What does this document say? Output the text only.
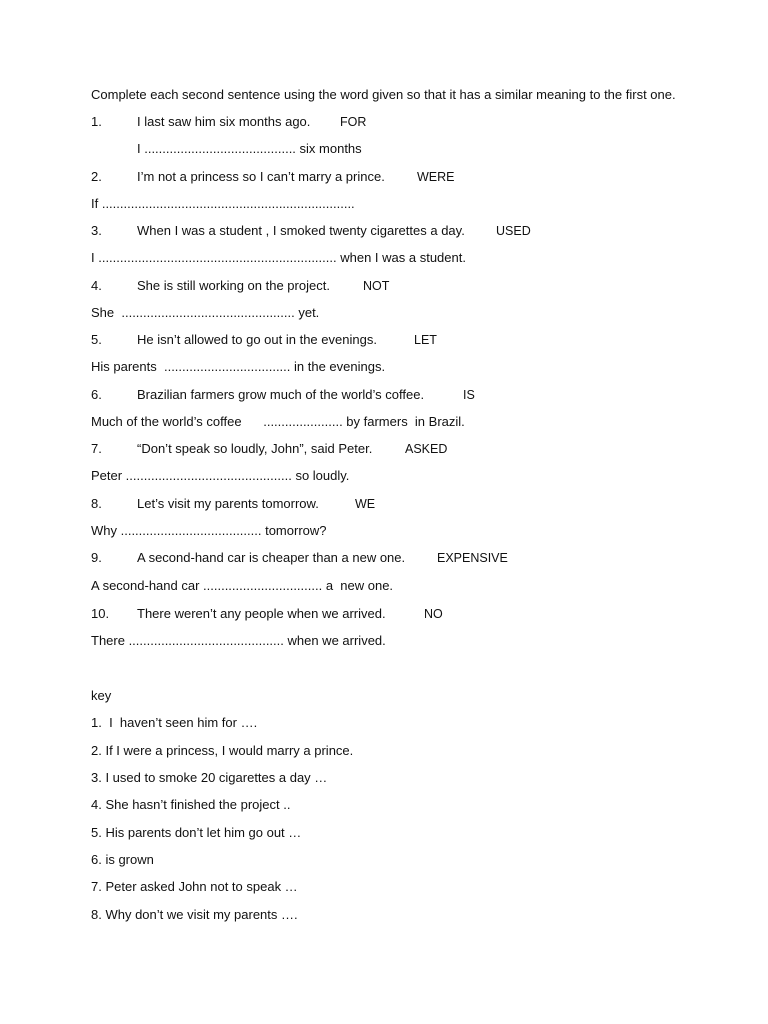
Complete each second sentence using the word given so that it has a similar meaning to the first one.
1.	I last saw him six months ago. FOR
I .......................................... six months
2.	I’m not a princess so I can’t marry a prince.	WERE
If ......................................................................
3.	When I was a student , I smoked twenty cigarettes a day. USED
I .................................................................. when I was a student.
4.	She is still working on the project.	NOT
She  ................................................ yet.
5.	He isn’t allowed to go out in the evenings.	LET
His parents  ................................... in the evenings.
6.	Brazilian farmers grow much of the world’s coffee.	IS
Much of the world’s coffee      ...................... by farmers  in Brazil.
7.	“Don’t speak so loudly, John”, said Peter.	ASKED
Peter .............................................. so loudly.
8.	Let’s visit my parents tomorrow.	WE
Why ....................................... tomorrow?
9.	A second-hand car is cheaper than a new one.	EXPENSIVE
A second-hand car ................................. a  new one.
10. There weren’t any people when we arrived.	NO
There ........................................... when we arrived.
key
1.  I  haven’t seen him for ….
2. If I were a princess, I would marry a prince.
3. I used to smoke 20 cigarettes a day …
4. She hasn’t finished the project ..
5. His parents don’t let him go out …
6. is grown
7. Peter asked John not to speak …
8. Why don’t we visit my parents ….
